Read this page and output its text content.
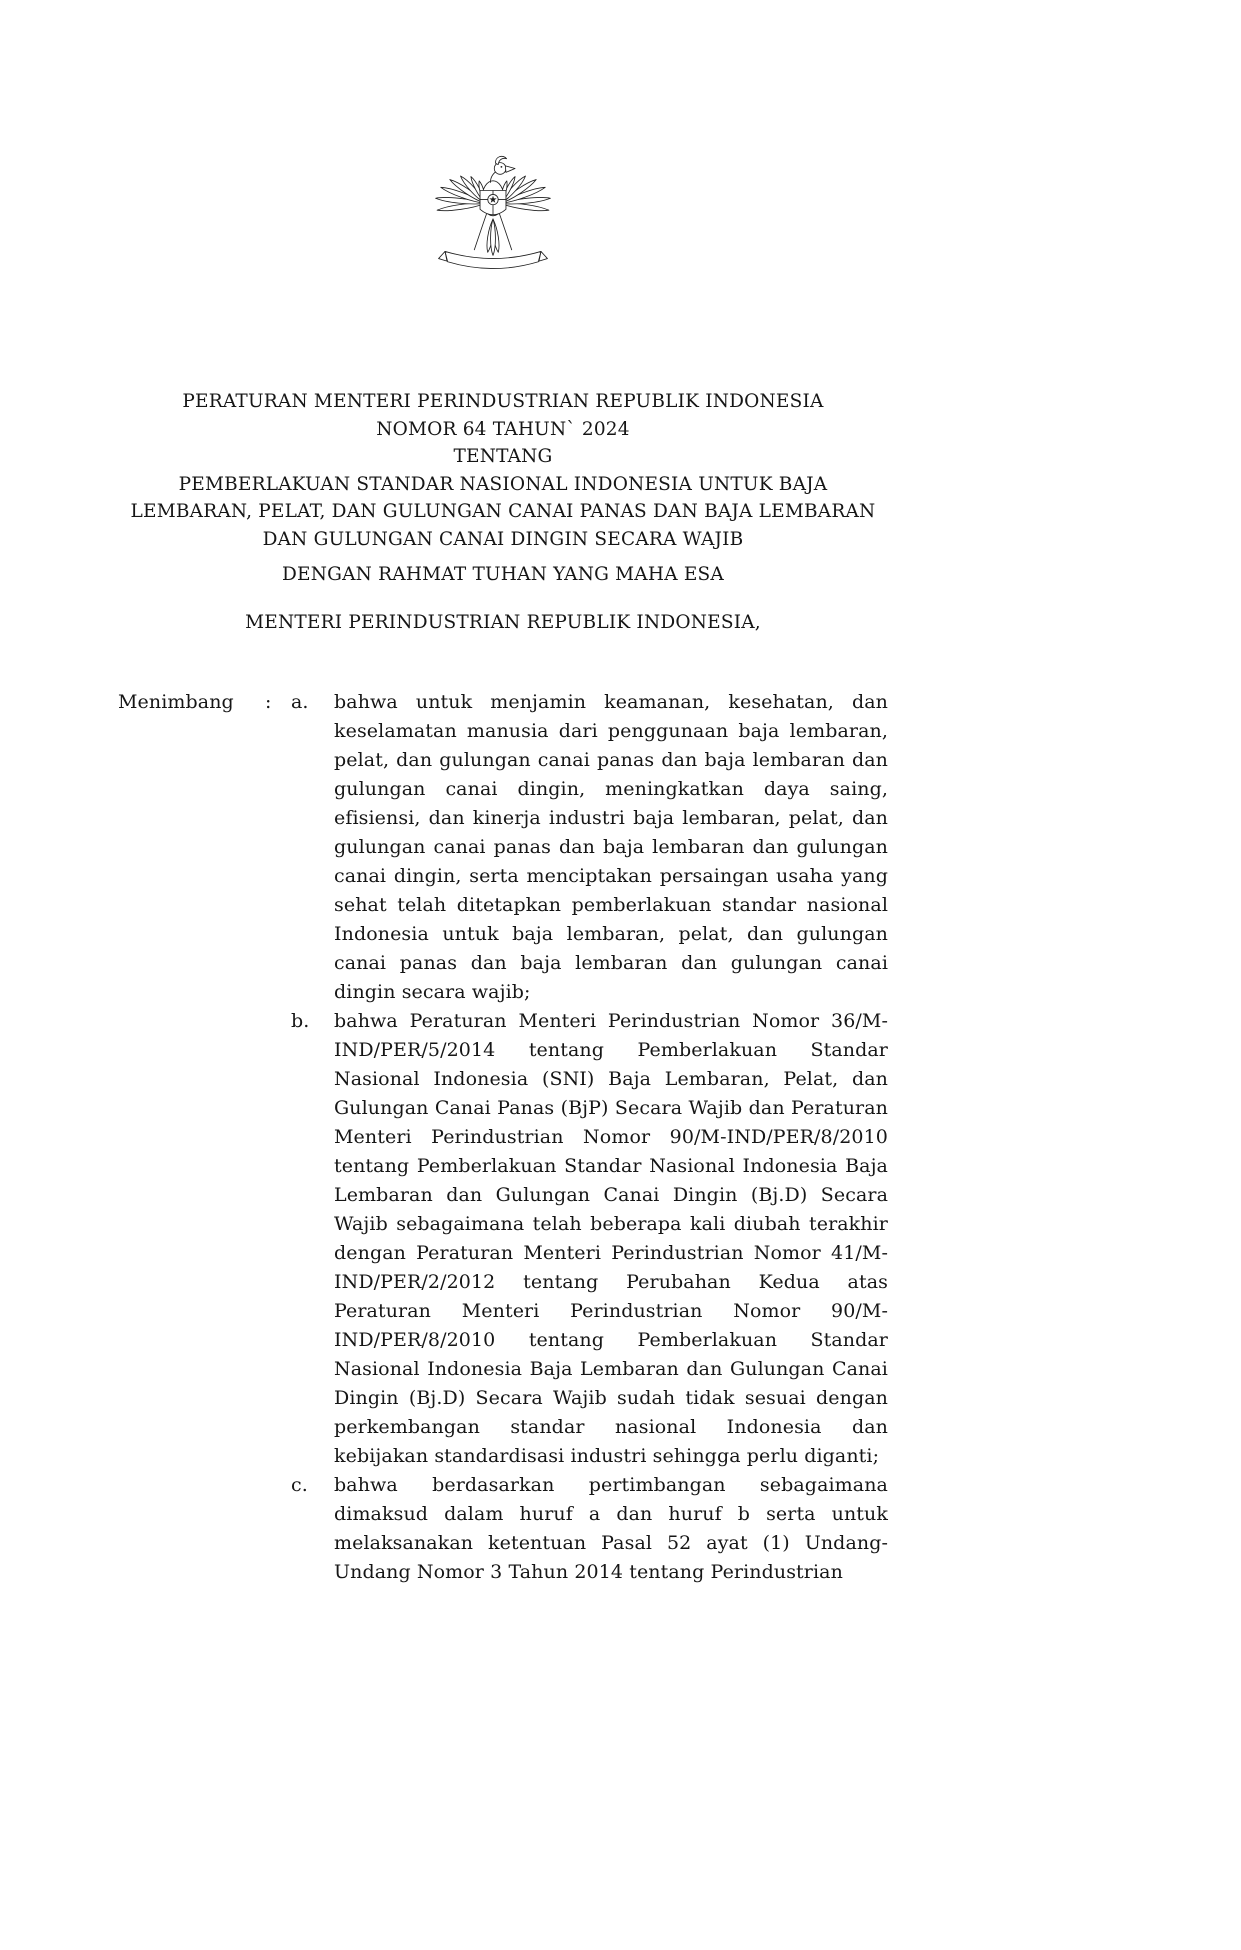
PERATURAN MENTERI PERINDUSTRIAN REPUBLIK INDONESIA
NOMOR 64 TAHUN` 2024
TENTANG
PEMBERLAKUAN STANDAR NASIONAL INDONESIA UNTUK BAJA
LEMBARAN, PELAT, DAN GULUNGAN CANAI PANAS DAN BAJA LEMBARAN
DAN GULUNGAN CANAI DINGIN SECARA WAJIB
DENGAN RAHMAT TUHAN YANG MAHA ESA
MENTERI PERINDUSTRIAN REPUBLIK INDONESIA,
Menimbang	:	a.	bahwa untuk menjamin keamanan, kesehatan, dan keselamatan manusia dari penggunaan baja lembaran, pelat, dan gulungan canai panas dan baja lembaran dan gulungan canai dingin, meningkatkan daya saing, efisiensi, dan kinerja industri baja lembaran, pelat, dan gulungan canai panas dan baja lembaran dan gulungan canai dingin, serta menciptakan persaingan usaha yang sehat telah ditetapkan pemberlakuan standar nasional Indonesia untuk baja lembaran, pelat, dan gulungan canai panas dan baja lembaran dan gulungan canai dingin secara wajib;
b.	bahwa Peraturan Menteri Perindustrian Nomor 36/M-IND/PER/5/2014 tentang Pemberlakuan Standar Nasional Indonesia (SNI) Baja Lembaran, Pelat, dan Gulungan Canai Panas (BjP) Secara Wajib dan Peraturan Menteri Perindustrian Nomor 90/M-IND/PER/8/2010 tentang Pemberlakuan Standar Nasional Indonesia Baja Lembaran dan Gulungan Canai Dingin (Bj.D) Secara Wajib sebagaimana telah beberapa kali diubah terakhir dengan Peraturan Menteri Perindustrian Nomor 41/M-IND/PER/2/2012 tentang Perubahan Kedua atas Peraturan Menteri Perindustrian Nomor 90/M-IND/PER/8/2010 tentang Pemberlakuan Standar Nasional Indonesia Baja Lembaran dan Gulungan Canai Dingin (Bj.D) Secara Wajib sudah tidak sesuai dengan perkembangan standar nasional Indonesia dan kebijakan standardisasi industri sehingga perlu diganti;
c.	bahwa berdasarkan pertimbangan sebagaimana dimaksud dalam huruf a dan huruf b serta untuk melaksanakan ketentuan Pasal 52 ayat (1) Undang-Undang Nomor 3 Tahun 2014 tentang Perindustrian
